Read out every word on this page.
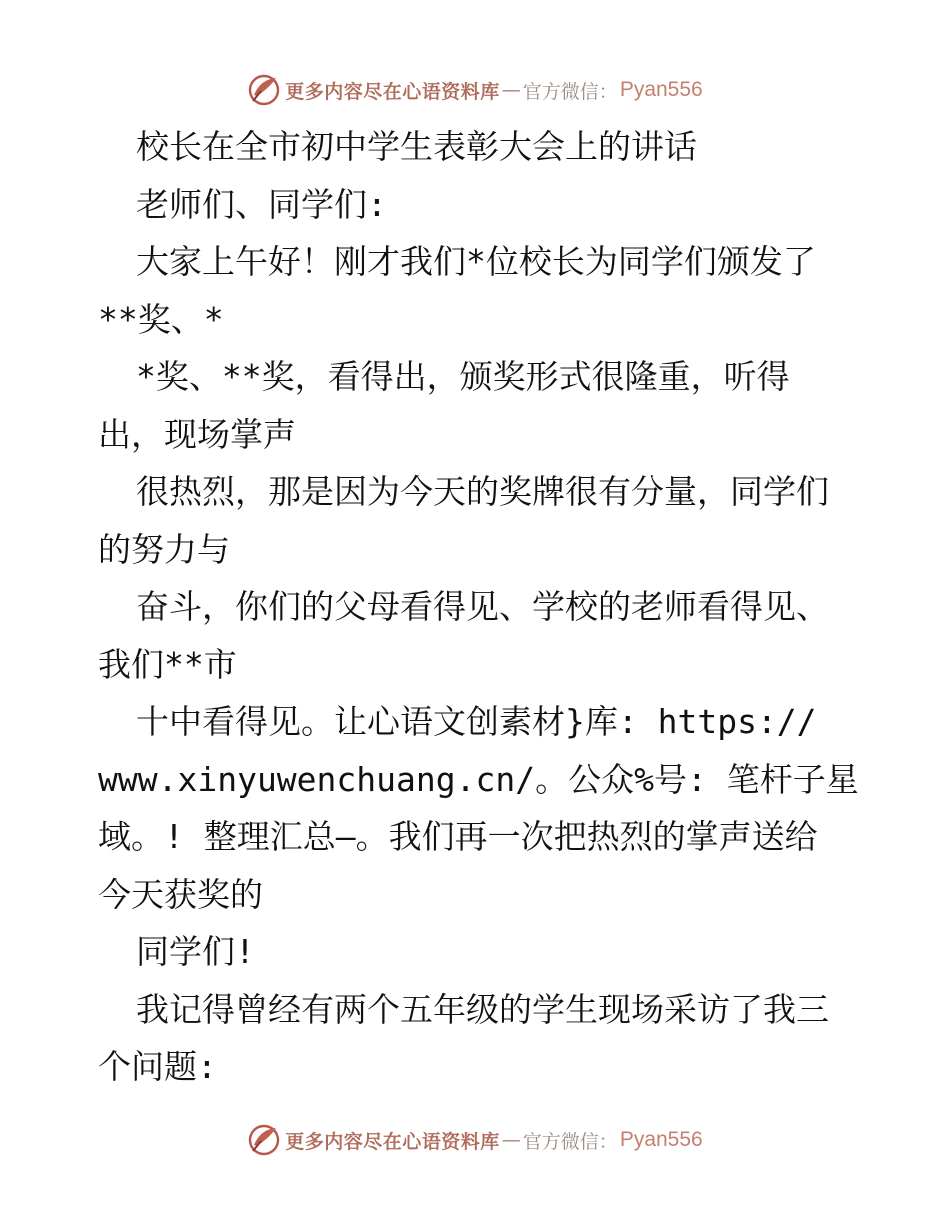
更多内容尽在心语资料库 — 官方微信： Pyan556
校长在全市初中学生表彰大会上的讲话
老师们、同学们:
大家上午好！刚才我们*位校长为同学们颁发了
**奖、*
*奖、**奖，看得出，颁奖形式很隆重，听得
出，现场掌声
很热烈，那是因为今天的奖牌很有分量，同学们
的努力与
奋斗，你们的父母看得见、学校的老师看得见、
我们**市
十中看得见。让心语文创素材}库: https://
www.xinyuwenchuang.cn/。公众%号: 笔杆子星
域。! 整理汇总—。我们再一次把热烈的掌声送给
今天获奖的
同学们!
我记得曾经有两个五年级的学生现场采访了我三
个问题:
更多内容尽在心语资料库 — 官方微信： Pyan556
